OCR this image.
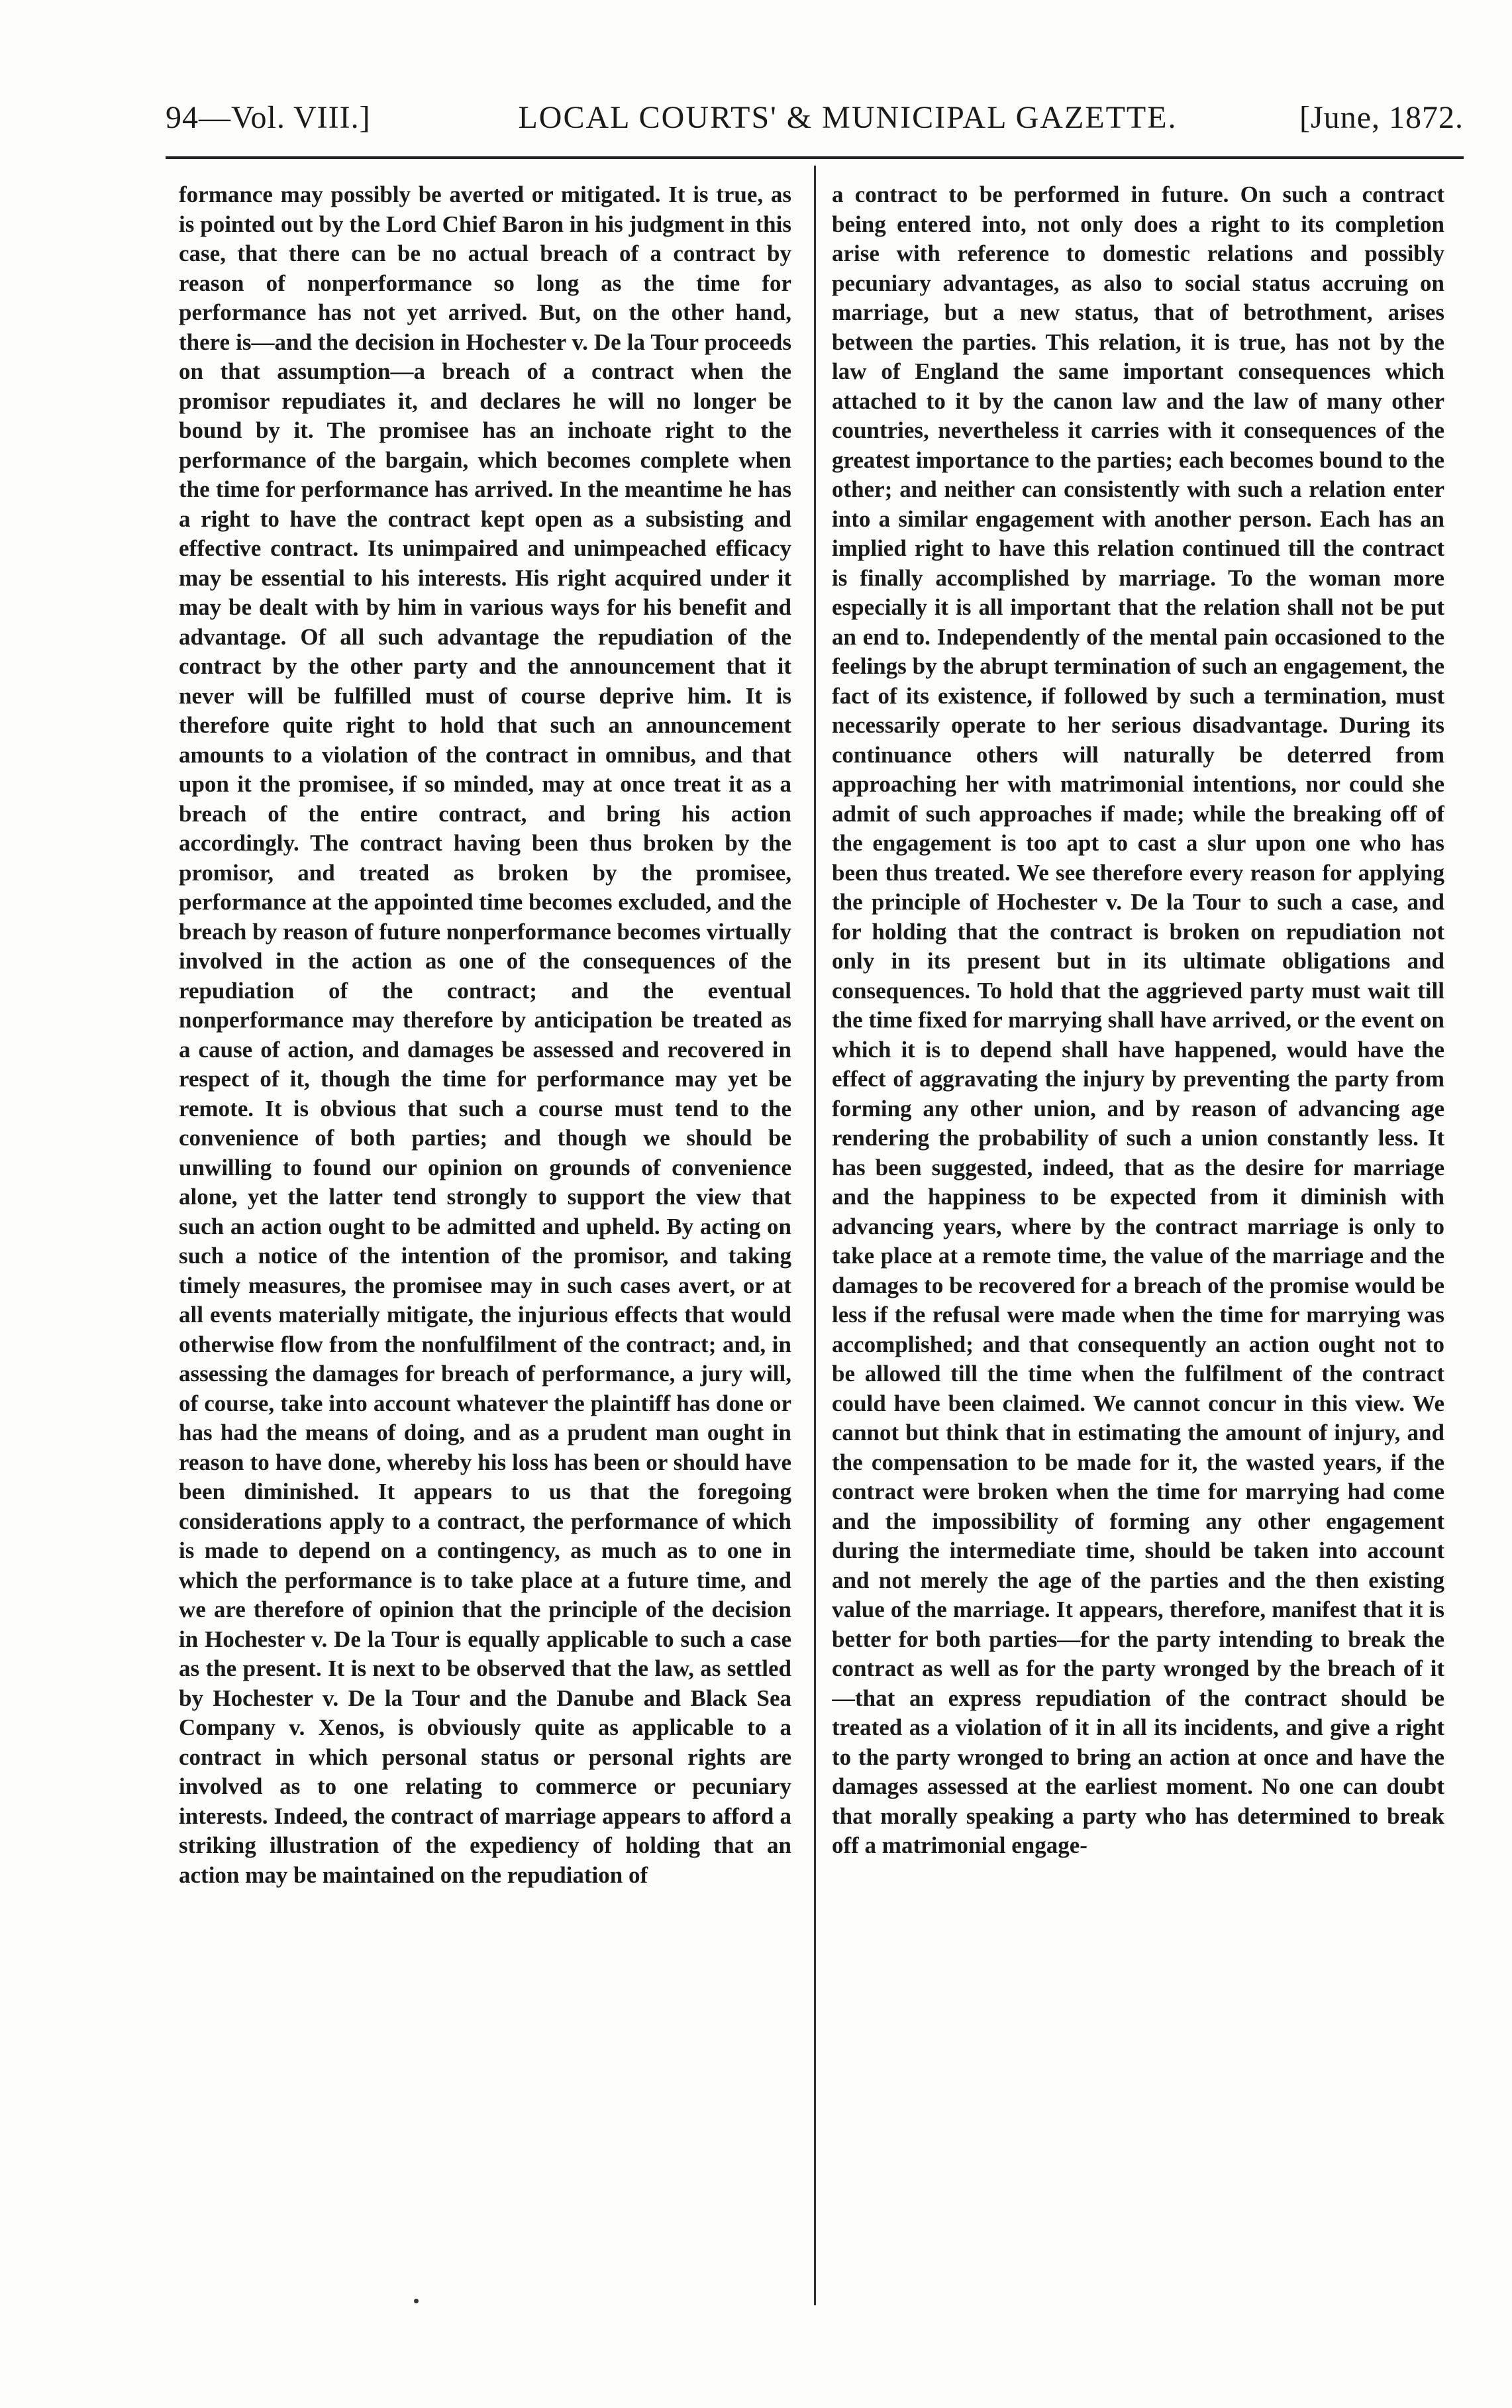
94—Vol. VIII.]	LOCAL COURTS' & MUNICIPAL GAZETTE.	[June, 1872.

formance may possibly be averted or mitigated. It is true, as is pointed out by the Lord Chief Baron in his judgment in this case, that there can be no actual breach of a contract by reason of nonperformance so long as the time for performance has not yet arrived. But, on the other hand, there is—and the decision in Hochester v. De la Tour proceeds on that assumption—a breach of a contract when the promisor repudiates it, and declares he will no longer be bound by it. The promisee has an inchoate right to the performance of the bargain, which becomes complete when the time for performance has arrived. In the meantime he has a right to have the contract kept open as a subsisting and effective contract. Its unimpaired and unimpeached efficacy may be essential to his interests. His right acquired under it may be dealt with by him in various ways for his benefit and advantage. Of all such advantage the repudiation of the contract by the other party and the announcement that it never will be fulfilled must of course deprive him. It is therefore quite right to hold that such an announcement amounts to a violation of the contract in omnibus, and that upon it the promisee, if so minded, may at once treat it as a breach of the entire contract, and bring his action accordingly. The contract having been thus broken by the promisor, and treated as broken by the promisee, performance at the appointed time becomes excluded, and the breach by reason of future nonperformance becomes virtually involved in the action as one of the consequences of the repudiation of the contract; and the eventual nonperformance may therefore by anticipation be treated as a cause of action, and damages be assessed and recovered in respect of it, though the time for performance may yet be remote. It is obvious that such a course must tend to the convenience of both parties; and though we should be unwilling to found our opinion on grounds of convenience alone, yet the latter tend strongly to support the view that such an action ought to be admitted and upheld. By acting on such a notice of the intention of the promisor, and taking timely measures, the promisee may in such cases avert, or at all events materially mitigate, the injurious effects that would otherwise flow from the nonfulfilment of the contract; and, in assessing the damages for breach of performance, a jury will, of course, take into account whatever the plaintiff has done or has had the means of doing, and as a prudent man ought in reason to have done, whereby his loss has been or should have been diminished. It appears to us that the foregoing considerations apply to a contract, the performance of which is made to depend on a contingency, as much as to one in which the performance is to take place at a future time, and we are therefore of opinion that the principle of the decision in Hochester v. De la Tour is equally applicable to such a case as the present. It is next to be observed that the law, as settled by Hochester v. De la Tour and the Danube and Black Sea Company v. Xenos, is obviously quite as applicable to a contract in which personal status or personal rights are involved as to one relating to commerce or pecuniary interests. Indeed, the contract of marriage appears to afford a striking illustration of the expediency of holding that an action may be maintained on the repudiation of

a contract to be performed in future. On such a contract being entered into, not only does a right to its completion arise with reference to domestic relations and possibly pecuniary advantages, as also to social status accruing on marriage, but a new status, that of betrothment, arises between the parties. This relation, it is true, has not by the law of England the same important consequences which attached to it by the canon law and the law of many other countries, nevertheless it carries with it consequences of the greatest importance to the parties; each becomes bound to the other; and neither can consistently with such a relation enter into a similar engagement with another person. Each has an implied right to have this relation continued till the contract is finally accomplished by marriage. To the woman more especially it is all important that the relation shall not be put an end to. Independently of the mental pain occasioned to the feelings by the abrupt termination of such an engagement, the fact of its existence, if followed by such a termination, must necessarily operate to her serious disadvantage. During its continuance others will naturally be deterred from approaching her with matrimonial intentions, nor could she admit of such approaches if made; while the breaking off of the engagement is too apt to cast a slur upon one who has been thus treated. We see therefore every reason for applying the principle of Hochester v. De la Tour to such a case, and for holding that the contract is broken on repudiation not only in its present but in its ultimate obligations and consequences. To hold that the aggrieved party must wait till the time fixed for marrying shall have arrived, or the event on which it is to depend shall have happened, would have the effect of aggravating the injury by preventing the party from forming any other union, and by reason of advancing age rendering the probability of such a union constantly less. It has been suggested, indeed, that as the desire for marriage and the happiness to be expected from it diminish with advancing years, where by the contract marriage is only to take place at a remote time, the value of the marriage and the damages to be recovered for a breach of the promise would be less if the refusal were made when the time for marrying was accomplished; and that consequently an action ought not to be allowed till the time when the fulfilment of the contract could have been claimed. We cannot concur in this view. We cannot but think that in estimating the amount of injury, and the compensation to be made for it, the wasted years, if the contract were broken when the time for marrying had come and the impossibility of forming any other engagement during the intermediate time, should be taken into account and not merely the age of the parties and the then existing value of the marriage. It appears, therefore, manifest that it is better for both parties—for the party intending to break the contract as well as for the party wronged by the breach of it —that an express repudiation of the contract should be treated as a violation of it in all its incidents, and give a right to the party wronged to bring an action at once and have the damages assessed at the earliest moment. No one can doubt that morally speaking a party who has determined to break off a matrimonial engage-
